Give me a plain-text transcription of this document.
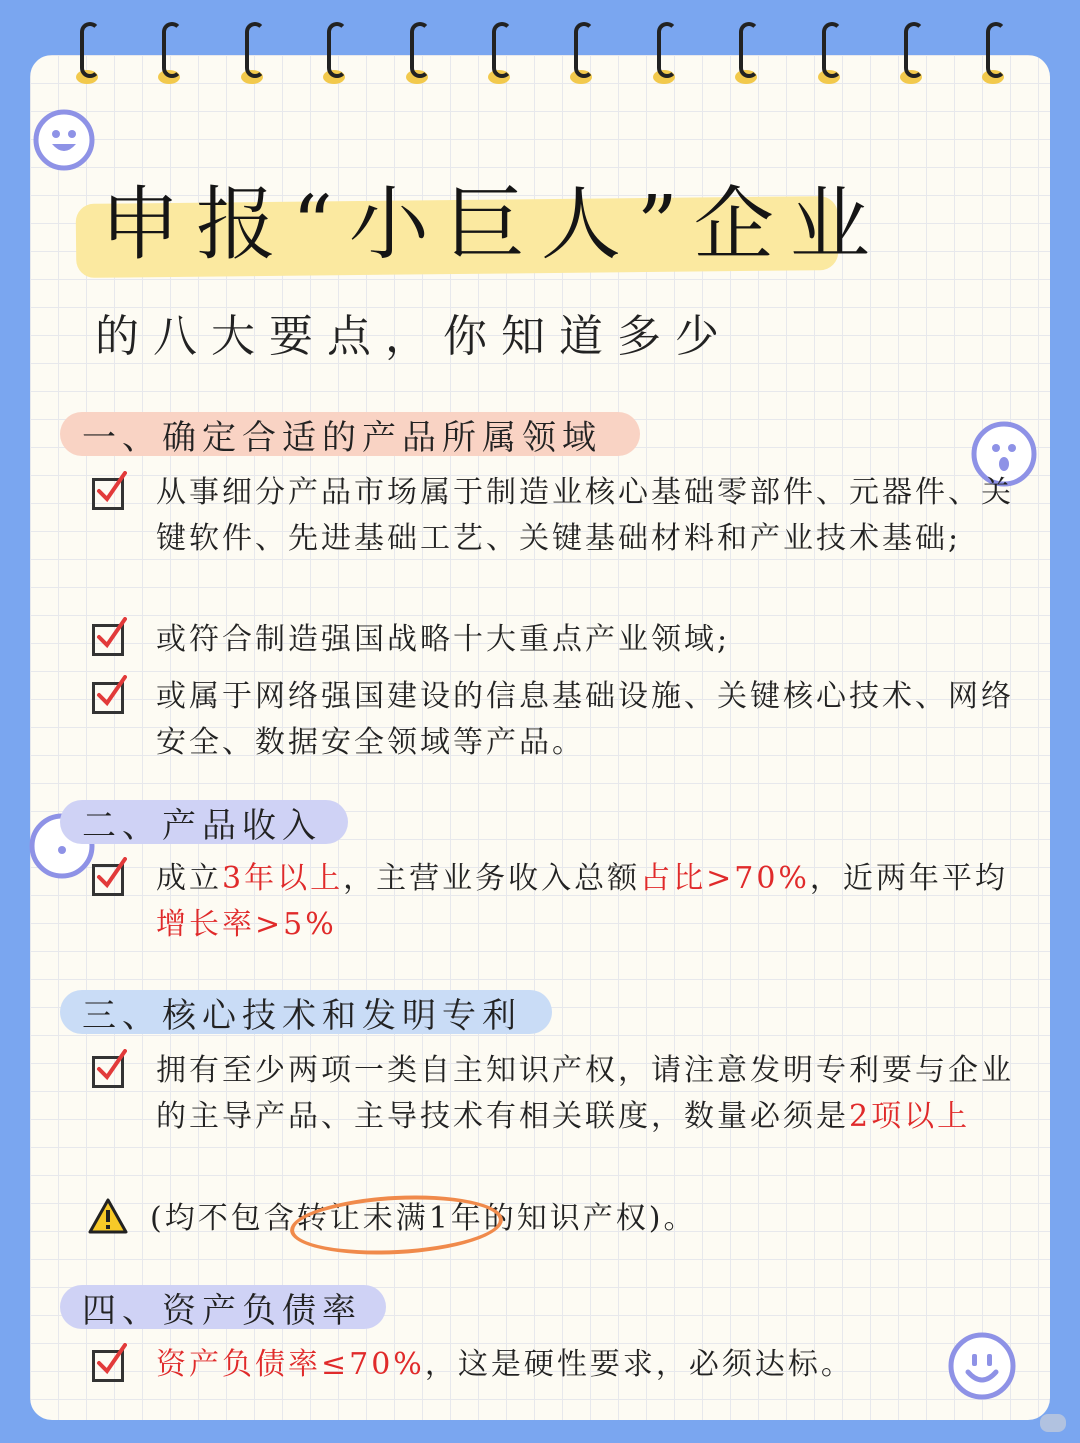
申报“小巨人”企业
的八大要点，你知道多少
一、确定合适的产品所属领域
从事细分产品市场属于制造业核心基础零部件、元器件、关键软件、先进基础工艺、关键基础材料和产业技术基础;
或符合制造强国战略十大重点产业领域;
或属于网络强国建设的信息基础设施、关键核心技术、网络安全、数据安全领域等产品。
二、产品收入
成立3年以上，主营业务收入总额占比>70%，近两年平均增长率>5%
三、核心技术和发明专利
拥有至少两项一类自主知识产权，请注意发明专利要与企业的主导产品、主导技术有相关联度，数量必须是2项以上
(均不包含转让未满1年的知识产权)。
四、资产负债率
资产负债率≤70%，这是硬性要求，必须达标。
